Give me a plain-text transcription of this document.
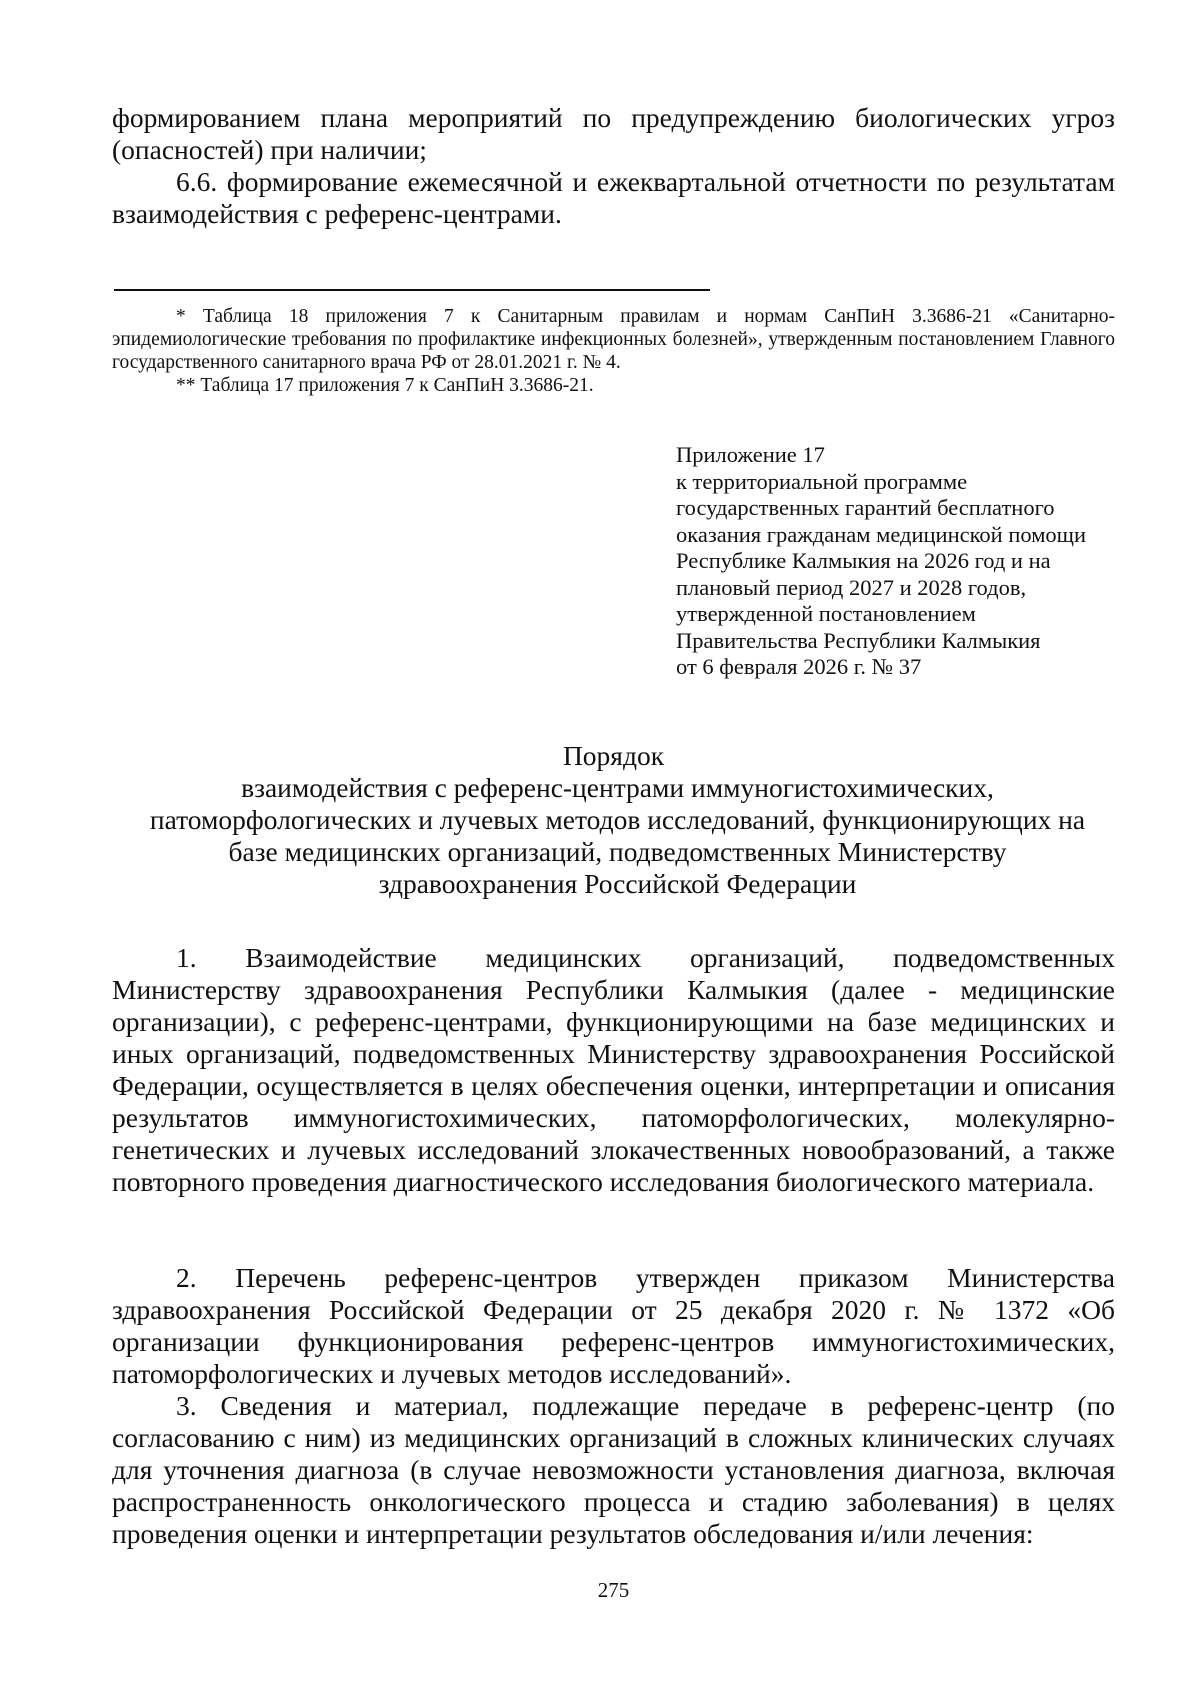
формированием плана мероприятий по предупреждению биологических угроз (опасностей) при наличии;

6.6. формирование ежемесячной и ежеквартальной отчетности по результатам взаимодействия с референс-центрами.

* Таблица 18 приложения 7 к Санитарным правилам и нормам СанПиН 3.3686-21 «Санитарно-эпидемиологические требования по профилактике инфекционных болезней», утвержденным постановлением Главного государственного санитарного врача РФ от 28.01.2021 г. № 4.

** Таблица 17 приложения 7 к СанПиН 3.3686-21.

Приложение 17
к территориальной программе
государственных гарантий бесплатного
оказания гражданам медицинской помощи
Республике Калмыкия на 2026 год и на
плановый период 2027 и 2028 годов,
утвержденной постановлением
Правительства Республики Калмыкия
от 6 февраля 2026 г. № 37

Порядок

взаимодействия с референс-центрами иммуногистохимических, патоморфологических и лучевых методов исследований, функционирующих на базе медицинских организаций, подведомственных Министерству здравоохранения Российской Федерации

1. Взаимодействие медицинских организаций, подведомственных Министерству здравоохранения Республики Калмыкия (далее - медицинские организации), с референс-центрами, функционирующими на базе медицинских и иных организаций, подведомственных Министерству здравоохранения Российской Федерации, осуществляется в целях обеспечения оценки, интерпретации и описания результатов иммуногистохимических, патоморфологических, молекулярно-генетических и лучевых исследований злокачественных новообразований, а также повторного проведения диагностического исследования биологического материала.

2. Перечень референс-центров утвержден приказом Министерства здравоохранения Российской Федерации от 25 декабря 2020 г. № 1372 «Об организации функционирования референс-центров иммуногистохимических, патоморфологических и лучевых методов исследований».

3. Сведения и материал, подлежащие передаче в референс-центр (по согласованию с ним) из медицинских организаций в сложных клинических случаях для уточнения диагноза (в случае невозможности установления диагноза, включая распространенность онкологического процесса и стадию заболевания) в целях проведения оценки и интерпретации результатов обследования и/или лечения:

275
